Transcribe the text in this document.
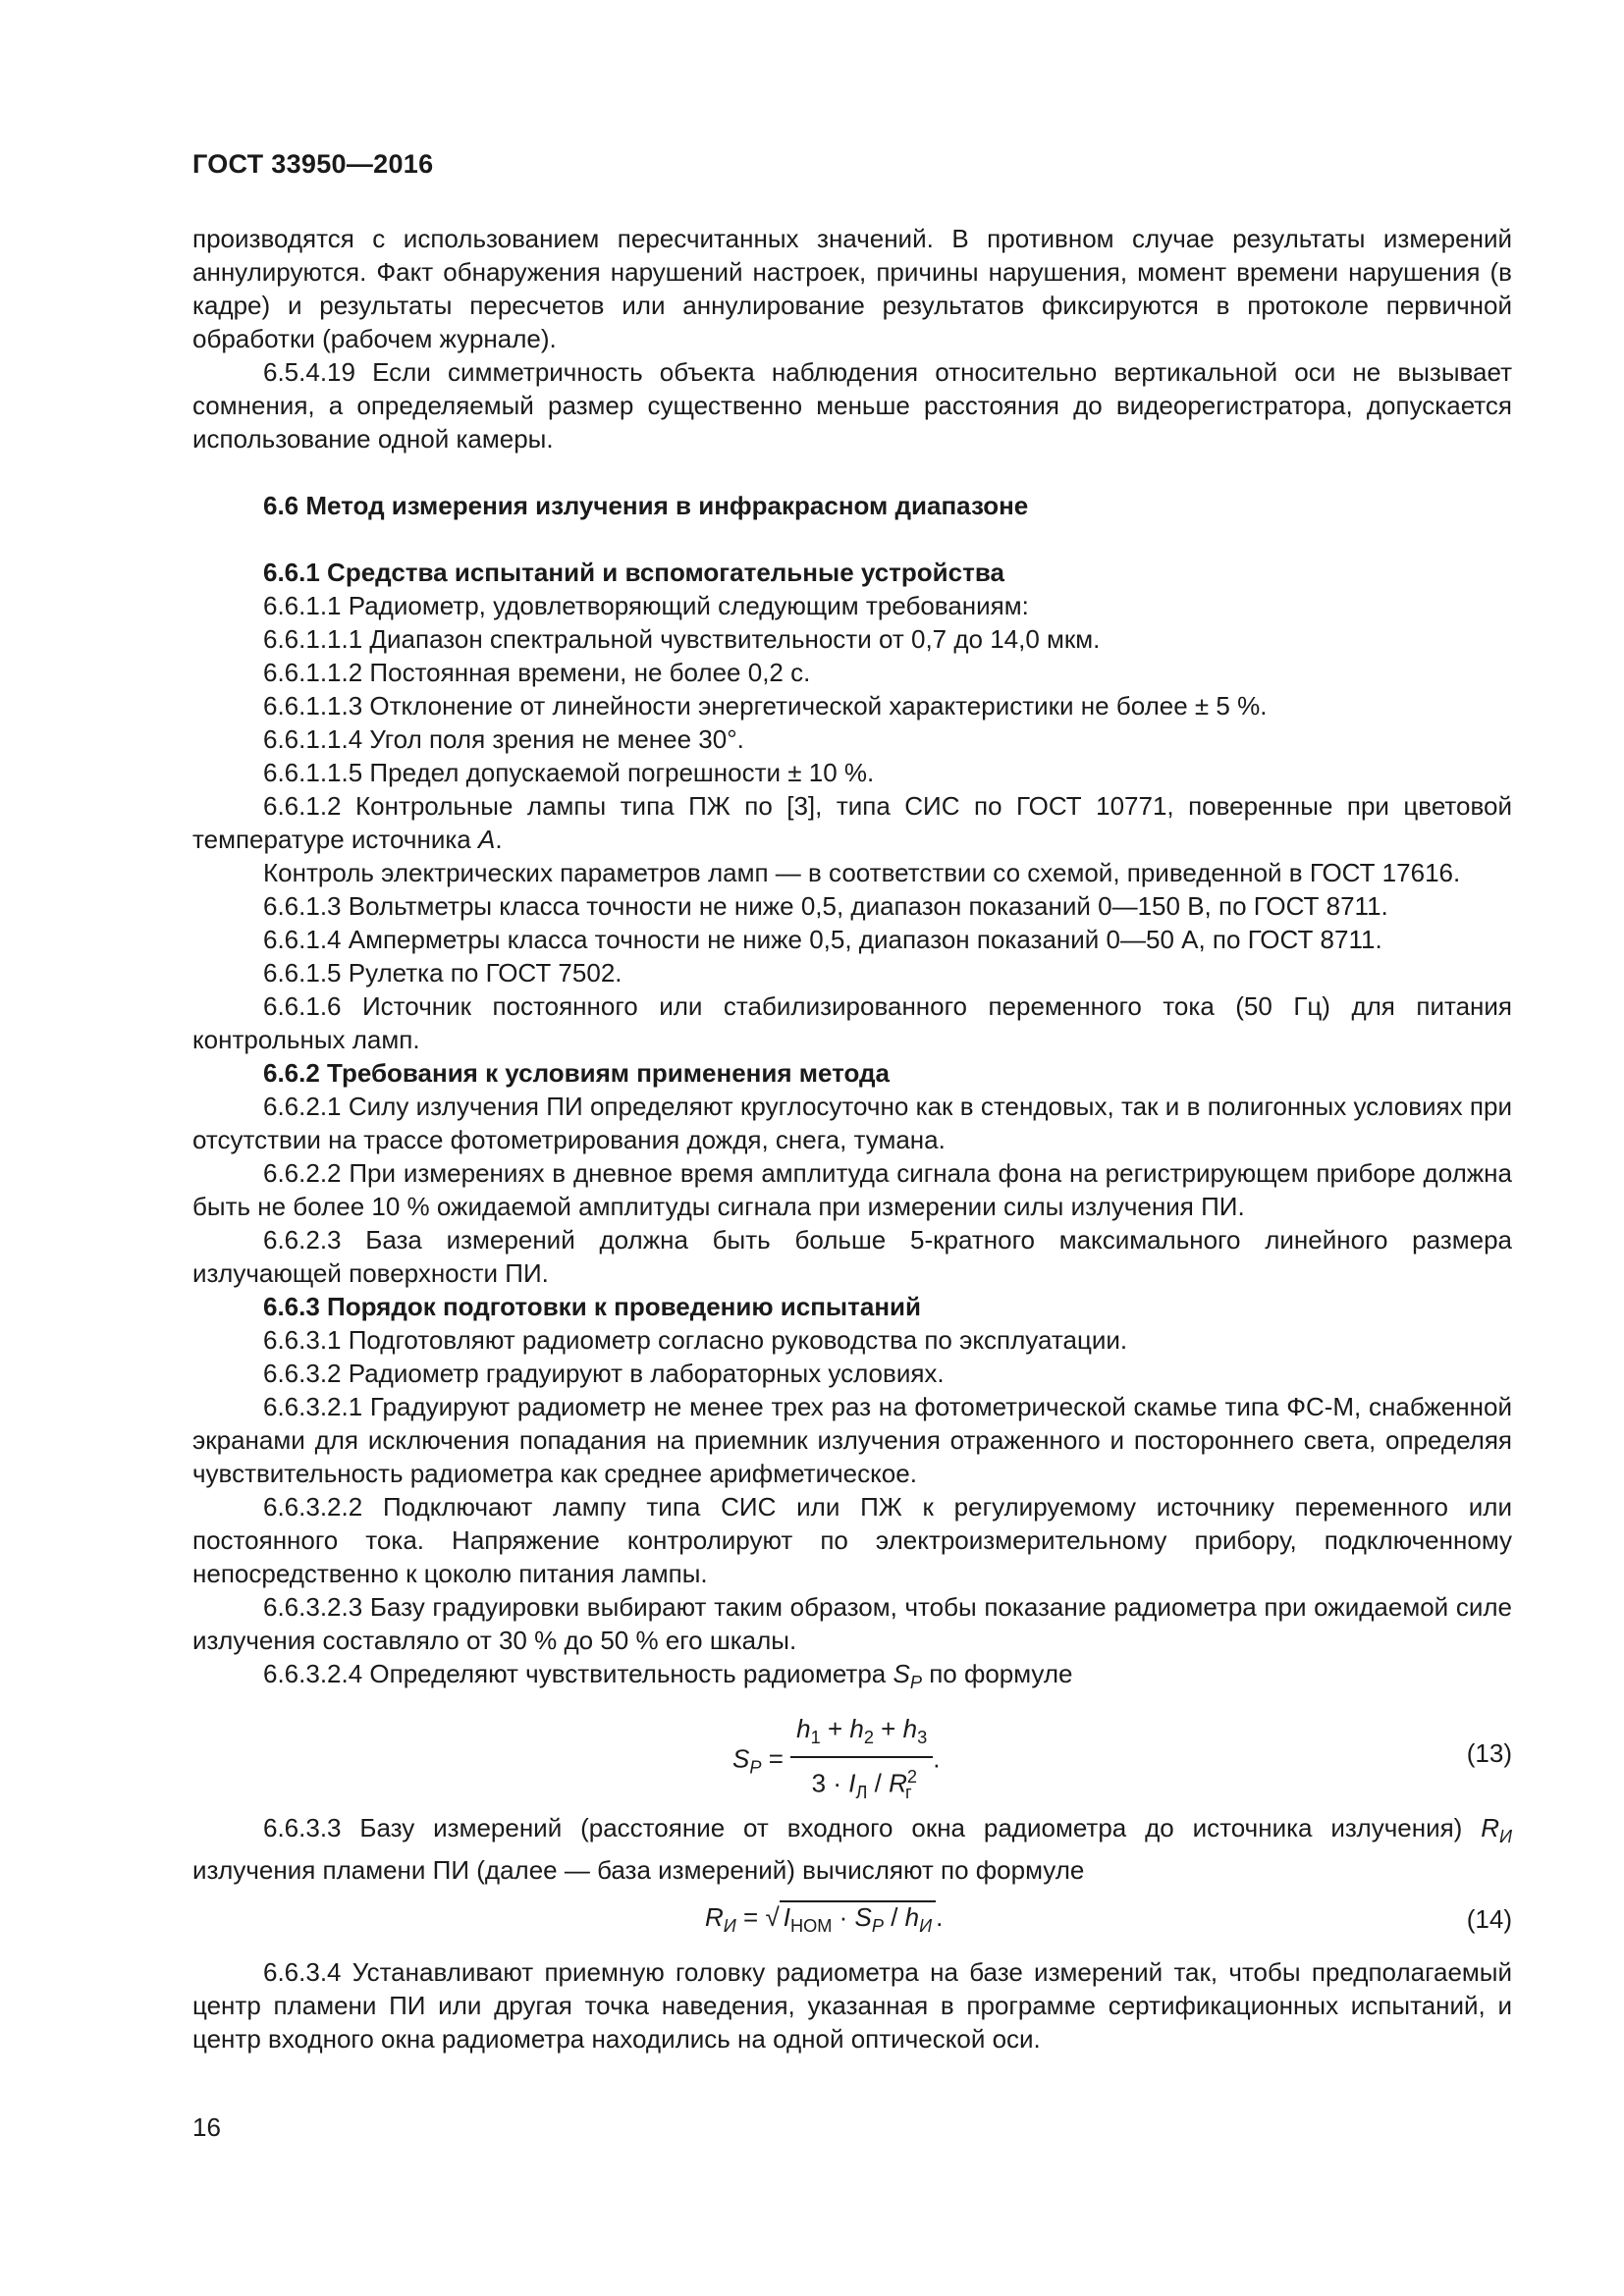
ГОСТ 33950—2016

производятся с использованием пересчитанных значений. В противном случае результаты измерений аннулируются. Факт обнаружения нарушений настроек, причины нарушения, момент времени нарушения (в кадре) и результаты пересчетов или аннулирование результатов фиксируются в протоколе первичной обработки (рабочем журнале).

6.5.4.19 Если симметричность объекта наблюдения относительно вертикальной оси не вызывает сомнения, а определяемый размер существенно меньше расстояния до видеорегистратора, допускается использование одной камеры.

6.6 Метод измерения излучения в инфракрасном диапазоне

6.6.1 Средства испытаний и вспомогательные устройства

6.6.1.1 Радиометр, удовлетворяющий следующим требованиям:

6.6.1.1.1 Диапазон спектральной чувствительности от 0,7 до 14,0 мкм.

6.6.1.1.2 Постоянная времени, не более 0,2 с.

6.6.1.1.3 Отклонение от линейности энергетической характеристики не более ± 5 %.

6.6.1.1.4 Угол поля зрения не менее 30°.

6.6.1.1.5 Предел допускаемой погрешности ± 10 %.

6.6.1.2 Контрольные лампы типа ПЖ по [3], типа СИС по ГОСТ 10771, поверенные при цветовой температуре источника А.

Контроль электрических параметров ламп — в соответствии со схемой, приведенной в ГОСТ 17616.

6.6.1.3 Вольтметры класса точности не ниже 0,5, диапазон показаний 0—150 В, по ГОСТ 8711.

6.6.1.4 Амперметры класса точности не ниже 0,5, диапазон показаний 0—50 А, по ГОСТ 8711.

6.6.1.5 Рулетка по ГОСТ 7502.

6.6.1.6 Источник постоянного или стабилизированного переменного тока (50 Гц) для питания контрольных ламп.

6.6.2 Требования к условиям применения метода

6.6.2.1 Силу излучения ПИ определяют круглосуточно как в стендовых, так и в полигонных условиях при отсутствии на трассе фотометрирования дождя, снега, тумана.

6.6.2.2 При измерениях в дневное время амплитуда сигнала фона на регистрирующем приборе должна быть не более 10 % ожидаемой амплитуды сигнала при измерении силы излучения ПИ.

6.6.2.3 База измерений должна быть больше 5-кратного максимального линейного размера излучающей поверхности ПИ.

6.6.3 Порядок подготовки к проведению испытаний

6.6.3.1 Подготовляют радиометр согласно руководства по эксплуатации.

6.6.3.2 Радиометр градуируют в лабораторных условиях.

6.6.3.2.1 Градуируют радиометр не менее трех раз на фотометрической скамье типа ФС-М, снабженной экранами для исключения попадания на приемник излучения отраженного и постороннего света, определяя чувствительность радиометра как среднее арифметическое.

6.6.3.2.2 Подключают лампу типа СИС или ПЖ к регулируемому источнику переменного или постоянного тока. Напряжение контролируют по электроизмерительному прибору, подключенному непосредственно к цоколю питания лампы.

6.6.3.2.3 Базу градуировки выбирают таким образом, чтобы показание радиометра при ожидаемой силе излучения составляло от 30 % до 50 % его шкалы.

6.6.3.2.4 Определяют чувствительность радиометра $S_P$ по формуле

$S_P = \frac{h_1 + h_2 + h_3}{3 \cdot I_Л / R^2_г}$ .	(13)

6.6.3.3 Базу измерений (расстояние от входного окна радиометра до источника излучения) $R_И$ излучения пламени ПИ (далее — база измерений) вычисляют по формуле

$R_И$ = √ $I_{НОМ} \cdot S_P / h_И$ .	(14)

6.6.3.4 Устанавливают приемную головку радиометра на базе измерений так, чтобы предполагаемый центр пламени ПИ или другая точка наведения, указанная в программе сертификационных испытаний, и центр входного окна радиометра находились на одной оптической оси.

16
